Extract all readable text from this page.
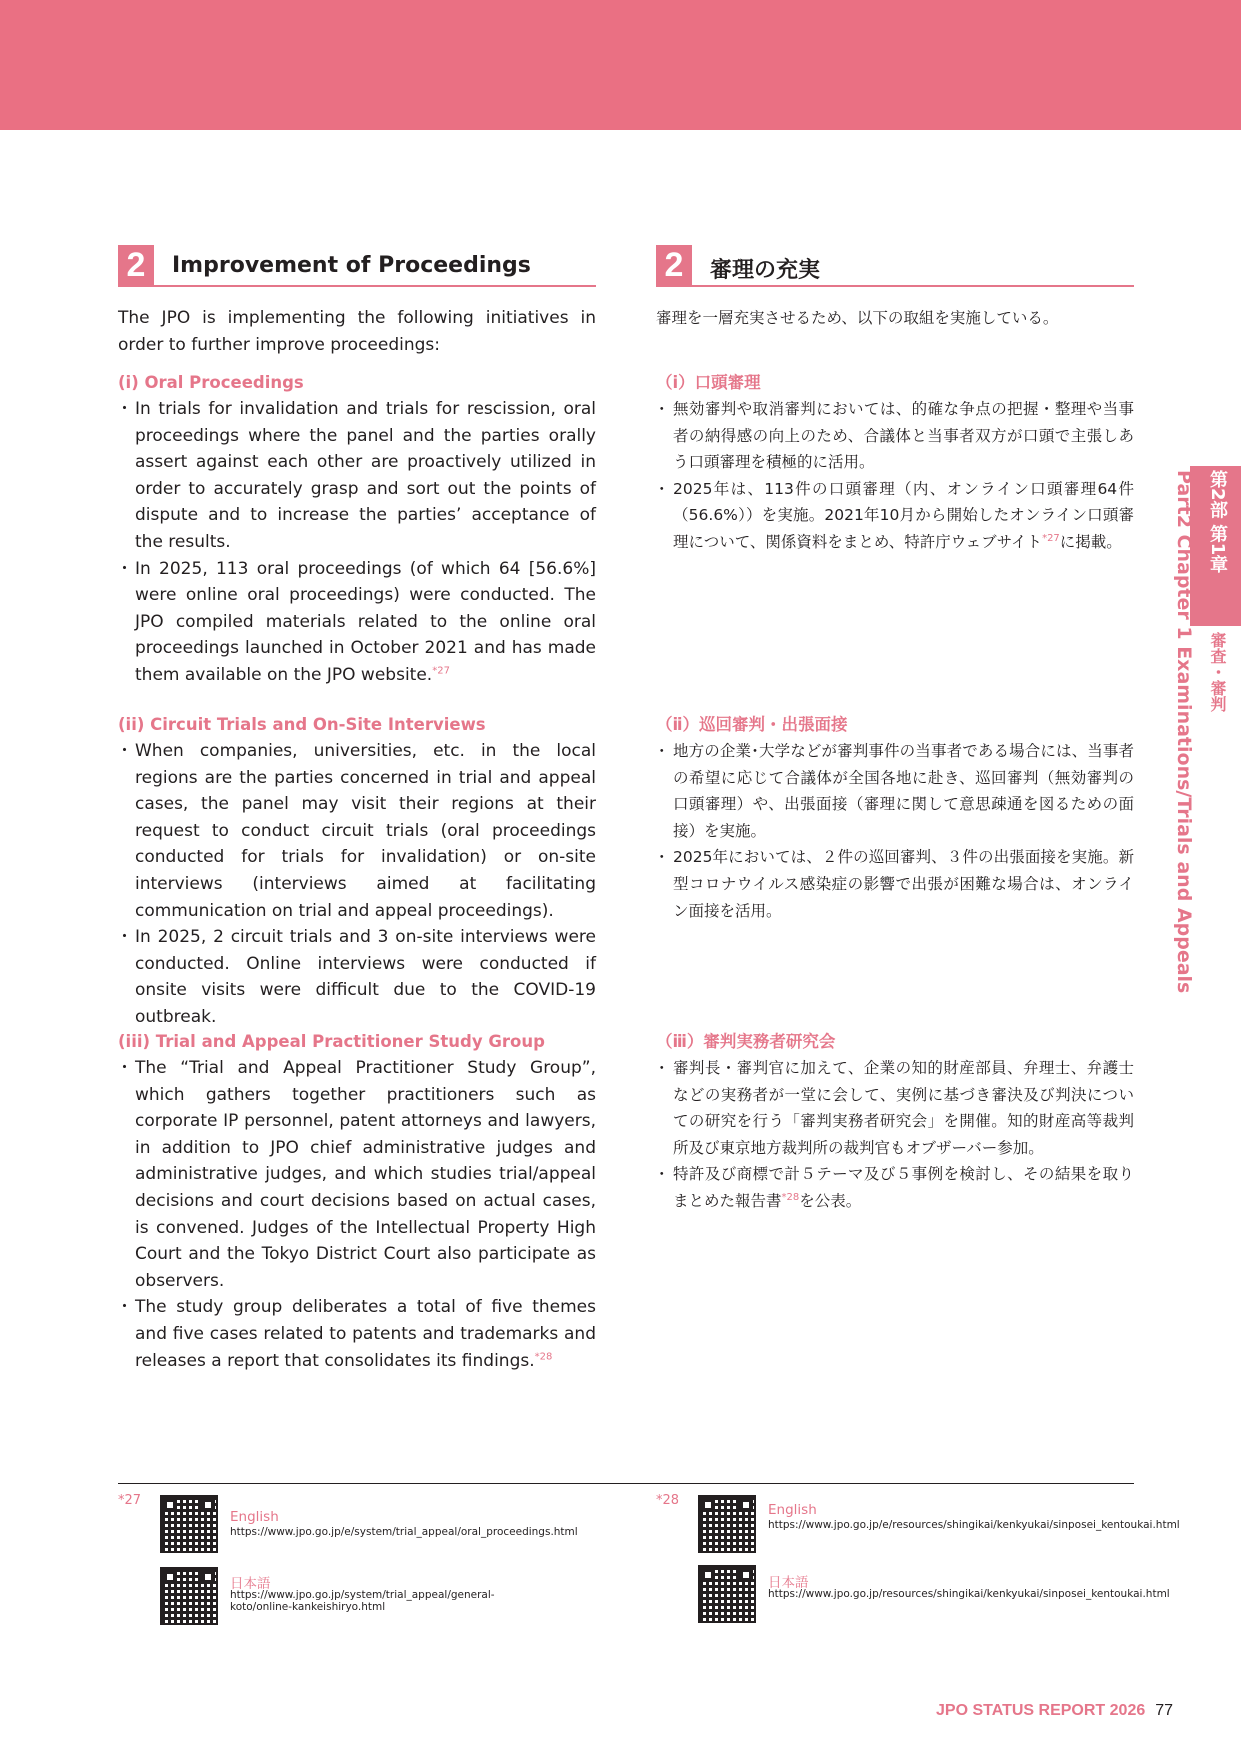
2	Improvement of Proceedings

The JPO is implementing the following initiatives in order to further improve proceedings:

(i) Oral Proceedings
・ In trials for invalidation and trials for rescission, oral proceedings where the panel and the parties orally assert against each other are proactively utilized in order to accurately grasp and sort out the points of dispute and to increase the parties’ acceptance of the results.
・ In 2025, 113 oral proceedings (of which 64 [56.6%] were online oral proceedings) were conducted. The JPO compiled materials related to the online oral proceedings launched in October 2021 and has made them available on the JPO website.$^{*27}$
(ii) Circuit Trials and On-Site Interviews
・ When companies, universities, etc. in the local regions are the parties concerned in trial and appeal cases, the panel may visit their regions at their request to conduct circuit trials (oral proceedings conducted for trials for invalidation) or on-site interviews (interviews aimed at facilitating communication on trial and appeal proceedings).
・ In 2025, 2 circuit trials and 3 on-site interviews were conducted. Online interviews were conducted if onsite visits were difficult due to the COVID-19 outbreak.
(iii) Trial and Appeal Practitioner Study Group
・ The “Trial and Appeal Practitioner Study Group”, which gathers together practitioners such as corporate IP personnel, patent attorneys and lawyers, in addition to JPO chief administrative judges and administrative judges, and which studies trial/appeal decisions and court decisions based on actual cases, is convened. Judges of the Intellectual Property High Court and the Tokyo District Court also participate as observers.
・ The study group deliberates a total of five themes and five cases related to patents and trademarks and releases a report that consolidates its findings.$^{*28}$
2	審理の充実

審理を一層充実させるため、以下の取組を実施している。

（ⅰ）口頭審理
・ 無効審判や取消審判においては、的確な争点の把握・整理や当事者の納得感の向上のため、合議体と当事者双方が口頭で主張しあう口頭審理を積極的に活用。
・ 2025年は、113件の口頭審理（内、オンライン口頭審理64件（56.6%））を実施。2021年10月から開始したオンライン口頭審理について、関係資料をまとめ、特許庁ウェブサイト$^{*27}$に掲載。
（ⅱ）巡回審判・出張面接
・ 地方の企業･大学などが審判事件の当事者である場合には、当事者の希望に応じて合議体が全国各地に赴き、巡回審判（無効審判の口頭審理）や、出張面接（審理に関して意思疎通を図るための面接）を実施。
・ 2025年においては、２件の巡回審判、３件の出張面接を実施。新型コロナウイルス感染症の影響で出張が困難な場合は、オンライン面接を活用。
（ⅲ）審判実務者研究会
・ 審判長・審判官に加えて、企業の知的財産部員、弁理士、弁護士などの実務者が一堂に会して、実例に基づき審決及び判決についての研究を行う「審判実務者研究会」を開催。知的財産高等裁判所及び東京地方裁判所の裁判官もオブザーバー参加。
・ 特許及び商標で計５テーマ及び５事例を検討し、その結果を取りまとめた報告書$^{*28}$を公表。
第2部 第1章
審査・審判
Part2 Chapter 1 Examinations/Trials and Appeals
*27
English
https://www.jpo.go.jp/e/system/trial_appeal/oral_proceedings.html
日本語
https://www.jpo.go.jp/system/trial_appeal/general-koto/online-kankeishiryo.html
*28
English
https://www.jpo.go.jp/e/resources/shingikai/kenkyukai/sinposei_kentoukai.html
日本語
https://www.jpo.go.jp/resources/shingikai/kenkyukai/sinposei_kentoukai.html
JPO STATUS REPORT 2026 77
